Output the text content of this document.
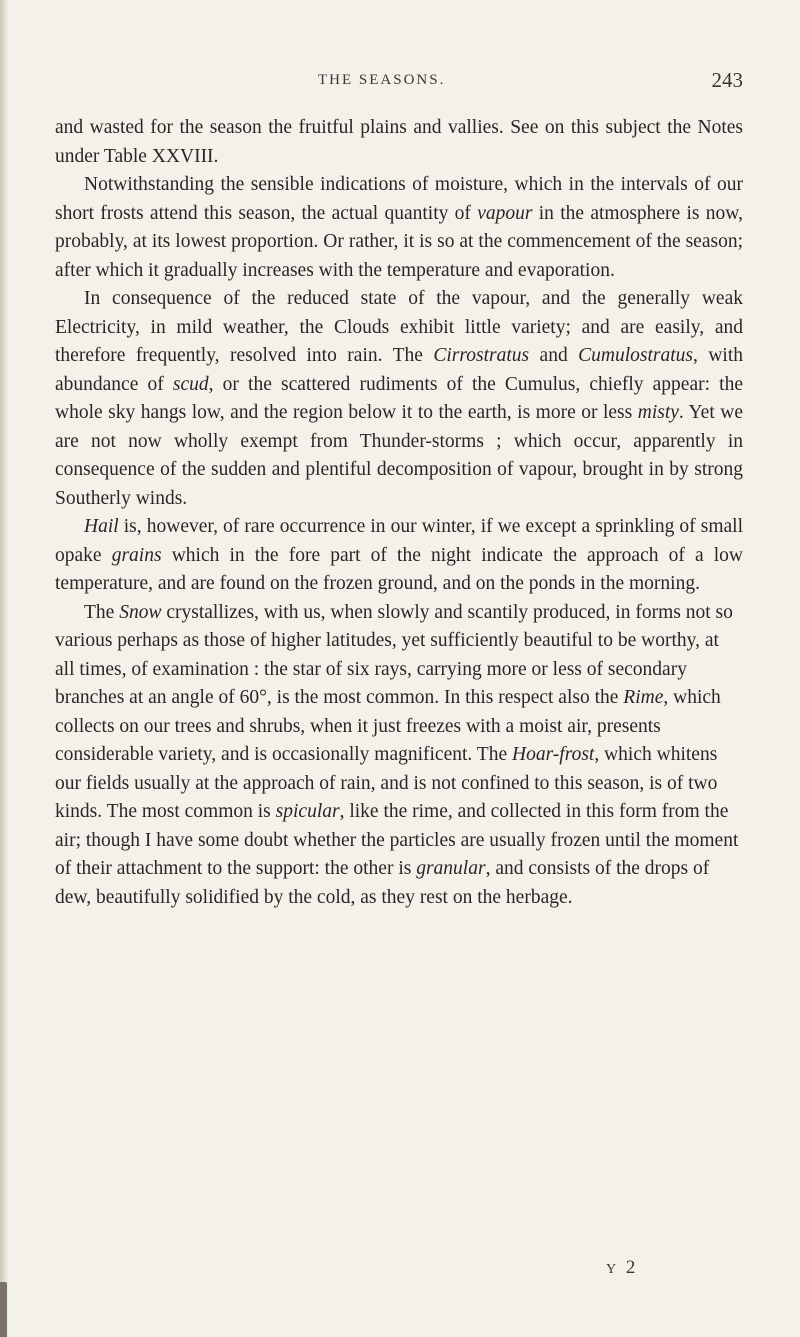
THE SEASONS.	243

and wasted for the season the fruitful plains and vallies. See on this subject the Notes under Table XXVIII.

Notwithstanding the sensible indications of moisture, which in the intervals of our short frosts attend this season, the actual quantity of vapour in the atmosphere is now, probably, at its lowest proportion. Or rather, it is so at the commencement of the season; after which it gradually increases with the temperature and evaporation.

In consequence of the reduced state of the vapour, and the generally weak Electricity, in mild weather, the Clouds exhibit little variety; and are easily, and therefore frequently, resolved into rain. The Cirrostratus and Cumulostratus, with abundance of scud, or the scattered rudiments of the Cumulus, chiefly appear: the whole sky hangs low, and the region below it to the earth, is more or less misty. Yet we are not now wholly exempt from Thunder-storms ; which occur, apparently in consequence of the sudden and plentiful decomposition of vapour, brought in by strong Southerly winds.

Hail is, however, of rare occurrence in our winter, if we except a sprinkling of small opake grains which in the fore part of the night indicate the approach of a low temperature, and are found on the frozen ground, and on the ponds in the morning.

The Snow crystallizes, with us, when slowly and scantily produced, in forms not so various perhaps as those of higher latitudes, yet sufficiently beautiful to be worthy, at all times, of examination : the star of six rays, carrying more or less of secondary branches at an angle of 60°, is the most common. In this respect also the Rime, which collects on our trees and shrubs, when it just freezes with a moist air, presents considerable variety, and is occasionally magnificent. The Hoar-frost, which whitens our fields usually at the approach of rain, and is not confined to this season, is of two kinds. The most common is spicular, like the rime, and collected in this form from the air; though I have some doubt whether the particles are usually frozen until the moment of their attachment to the support: the other is granular, and consists of the drops of dew, beautifully solidified by the cold, as they rest on the herbage.

Y 2
